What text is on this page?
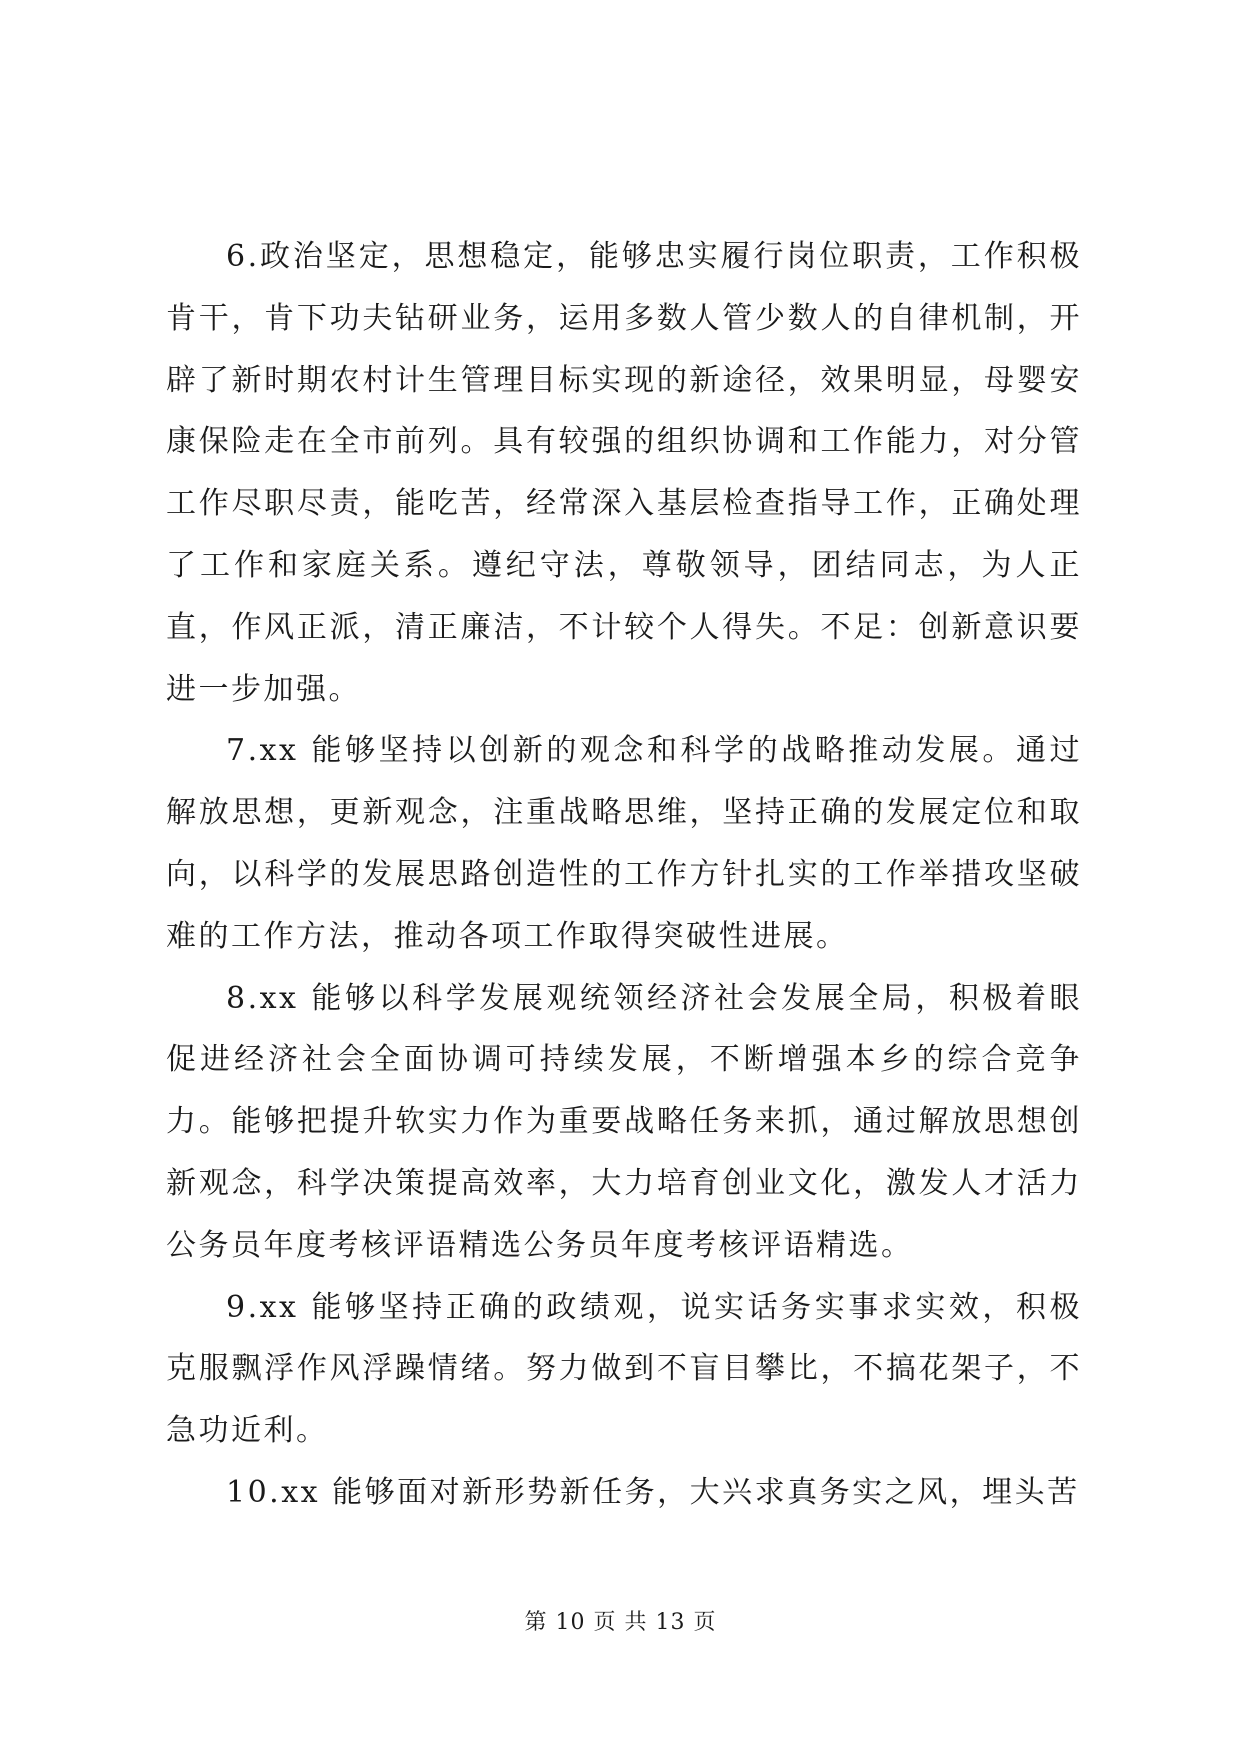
6.政治坚定，思想稳定，能够忠实履行岗位职责，工作积极肯干，肯下功夫钻研业务，运用多数人管少数人的自律机制，开辟了新时期农村计生管理目标实现的新途径，效果明显，母婴安康保险走在全市前列。具有较强的组织协调和工作能力，对分管工作尽职尽责，能吃苦，经常深入基层检查指导工作，正确处理了工作和家庭关系。遵纪守法，尊敬领导，团结同志，为人正直，作风正派，清正廉洁，不计较个人得失。不足：创新意识要进一步加强。

7.xx 能够坚持以创新的观念和科学的战略推动发展。通过解放思想，更新观念，注重战略思维，坚持正确的发展定位和取向，以科学的发展思路创造性的工作方针扎实的工作举措攻坚破难的工作方法，推动各项工作取得突破性进展。

8.xx 能够以科学发展观统领经济社会发展全局，积极着眼促进经济社会全面协调可持续发展，不断增强本乡的综合竞争力。能够把提升软实力作为重要战略任务来抓，通过解放思想创新观念，科学决策提高效率，大力培育创业文化，激发人才活力公务员年度考核评语精选公务员年度考核评语精选。

9.xx 能够坚持正确的政绩观，说实话务实事求实效，积极克服飘浮作风浮躁情绪。努力做到不盲目攀比，不搞花架子，不急功近利。

10.xx 能够面对新形势新任务，大兴求真务实之风，埋头苦

第 10 页 共 13 页
